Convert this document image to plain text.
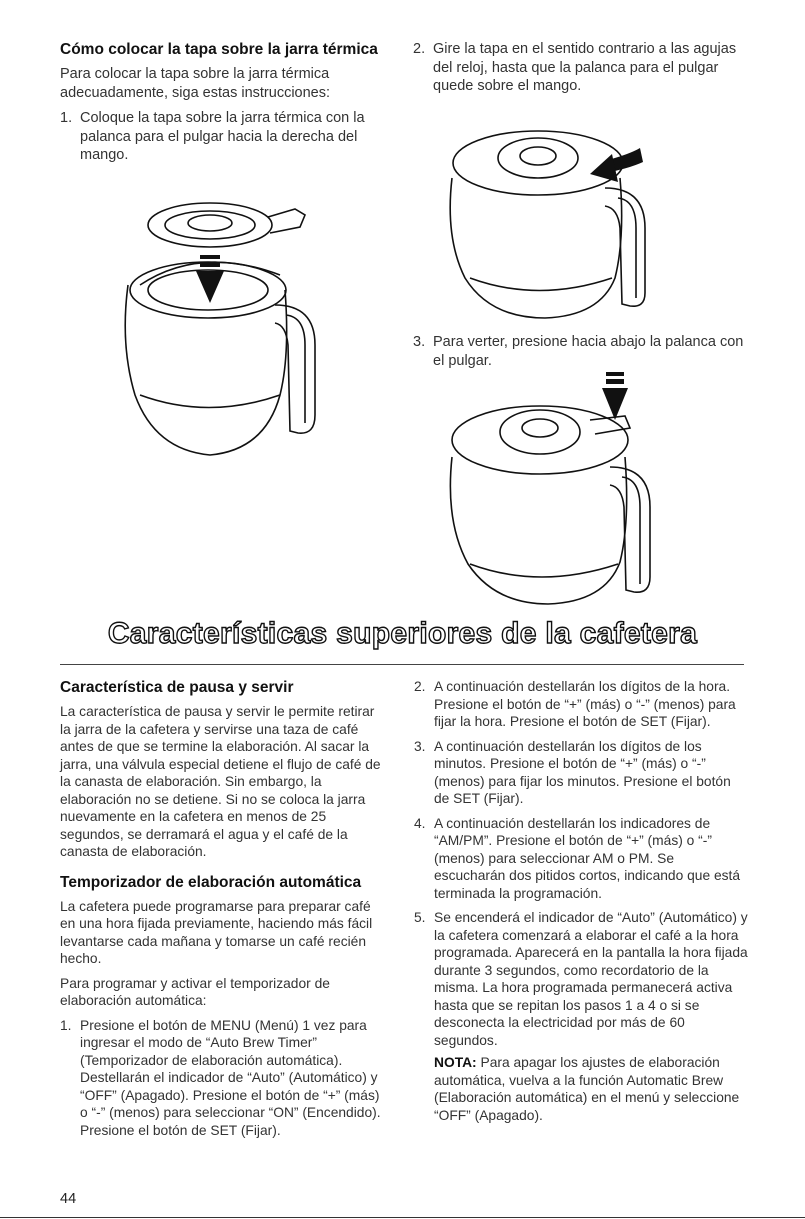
Cómo colocar la tapa sobre la jarra térmica

Para colocar la tapa sobre la jarra térmica adecuadamente, siga estas instrucciones:

1. Coloque la tapa sobre la jarra térmica con la palanca para el pulgar hacia la derecha del mango.
2. Gire la tapa en el sentido contrario a las agujas del reloj, hasta que la palanca para el pulgar quede sobre el mango.
3. Para verter, presione hacia abajo la palanca con el pulgar.
Características superiores de la cafetera
Característica de pausa y servir

La característica de pausa y servir le permite retirar la jarra de la cafetera y servirse una taza de café antes de que se termine la elaboración. Al sacar la jarra, una válvula especial detiene el flujo de café de la canasta de elaboración. Sin embargo, la elaboración no se detiene. Si no se coloca la jarra nuevamente en la cafetera en menos de 25 segundos, se derramará el agua y el café de la canasta de elaboración.

Temporizador de elaboración automática

La cafetera puede programarse para preparar café en una hora fijada previamente, haciendo más fácil levantarse cada mañana y tomarse un café recién hecho.

Para programar y activar el temporizador de elaboración automática:

1. Presione el botón de MENU (Menú) 1 vez para ingresar el modo de “Auto Brew Timer” (Temporizador de elaboración automática). Destellarán el indicador de “Auto” (Automático) y “OFF” (Apagado). Presione el botón de “+” (más) o “-” (menos) para seleccionar “ON” (Encendido). Presione el botón de SET (Fijar).
2. A continuación destellarán los dígitos de la hora. Presione el botón de “+” (más) o “-” (menos) para fijar la hora. Presione el botón de SET (Fijar).
3. A continuación destellarán los dígitos de los minutos. Presione el botón de “+” (más) o “-” (menos) para fijar los minutos. Presione el botón de SET (Fijar).
4. A continuación destellarán los indicadores de “AM/PM”. Presione el botón de “+” (más) o “-” (menos) para seleccionar AM o PM. Se escucharán dos pitidos cortos, indicando que está terminada la programación.
5. Se encenderá el indicador de “Auto” (Automático) y la cafetera comenzará a elaborar el café a la hora programada. Aparecerá en la pantalla la hora fijada durante 3 segundos, como recordatorio de la misma. La hora programada permanecerá activa hasta que se repitan los pasos 1 a 4 o si se desconecta la electricidad por más de 60 segundos.

NOTA: Para apagar los ajustes de elaboración automática, vuelva a la función Automatic Brew (Elaboración automática) en el menú y seleccione “OFF” (Apagado).

44
